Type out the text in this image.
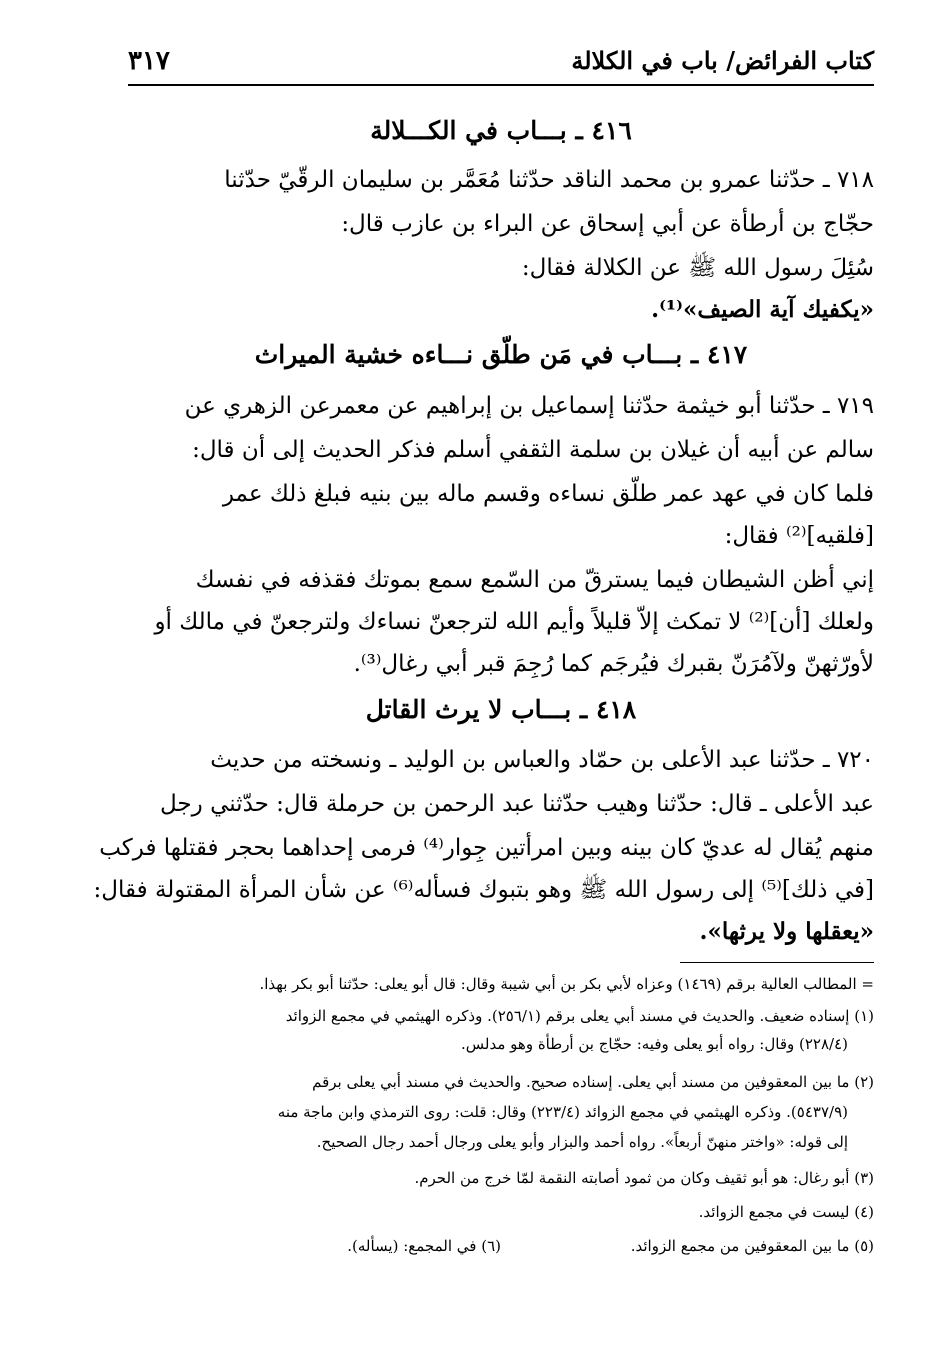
كتاب الفرائض/ باب في الكلالة
٣١٧
٤١٦ ـ بـــاب في الكـــلالة
٧١٨ ـ حدّثنا عمرو بن محمد الناقد حدّثنا مُعَمَّر بن سليمان الرقّيّ حدّثنا
حجّاج بن أرطأة عن أبي إسحاق عن البراء بن عازب قال:
سُئِلَ رسول الله ﷺ عن الكلالة فقال:
«يكفيك آية الصيف»⁽¹⁾.
٤١٧ ـ بـــاب في مَن طلّق نـــاءه خشية الميراث
٧١٩ ـ حدّثنا أبو خيثمة حدّثنا إسماعيل بن إبراهيم عن معمرعن الزهري عن
سالم عن أبيه أن غيلان بن سلمة الثقفي أسلم فذكر الحديث إلى أن قال:
فلما كان في عهد عمر طلّق نساءه وقسم ماله بين بنيه فبلغ ذلك عمر
[فلقيه]⁽²⁾ فقال:
إني أظن الشيطان فيما يسترقّ من السّمع سمع بموتك فقذفه في نفسك
ولعلك [أن]⁽²⁾ لا تمكث إلاّ قليلاً وأيم الله لترجعنّ نساءك ولترجعنّ في مالك أو
لأورّثهنّ ولآمُرَنّ بقبرك فيُرجَم كما رُجِمَ قبر أبي رغال⁽³⁾.
٤١٨ ـ بـــاب لا يرث القاتل
٧٢٠ ـ حدّثنا عبد الأعلى بن حمّاد والعباس بن الوليد ـ ونسخته من حديث
عبد الأعلى ـ قال: حدّثنا وهيب حدّثنا عبد الرحمن بن حرملة قال: حدّثني رجل
منهم يُقال له عديّ كان بينه وبين امرأتين جِوار⁽⁴⁾ فرمى إحداهما بحجر فقتلها فركب
[في ذلك]⁽⁵⁾ إلى رسول الله ﷺ وهو بتبوك فسأله⁽⁶⁾ عن شأن المرأة المقتولة فقال:
«يعقلها ولا يرثها».
= المطالب العالية برقم (١٤٦٩) وعزاه لأبي بكر بن أبي شيبة وقال: قال أبو يعلى: حدّثنا أبو بكر بهذا.
(١) إسناده ضعيف. والحديث في مسند أبي يعلى برقم (٢٥٦/١). وذكره الهيثمي في مجمع الزوائد
(٢٢٨/٤) وقال: رواه أبو يعلى وفيه: حجّاج بن أرطأة وهو مدلس.
(٢) ما بين المعقوفين من مسند أبي يعلى. إسناده صحيح. والحديث في مسند أبي يعلى برقم
(٥٤٣٧/٩). وذكره الهيثمي في مجمع الزوائد (٢٢٣/٤) وقال: قلت: روى الترمذي وابن ماجة منه
إلى قوله: «واختر منهنّ أربعاً». رواه أحمد والبزار وأبو يعلى ورجال أحمد رجال الصحيح.
(٣) أبو رغال: هو أبو ثقيف وكان من ثمود أصابته النقمة لمّا خرج من الحرم.
(٤) ليست في مجمع الزوائد.
(٥) ما بين المعقوفين من مجمع الزوائد.
(٦) في المجمع: (يسأله).
